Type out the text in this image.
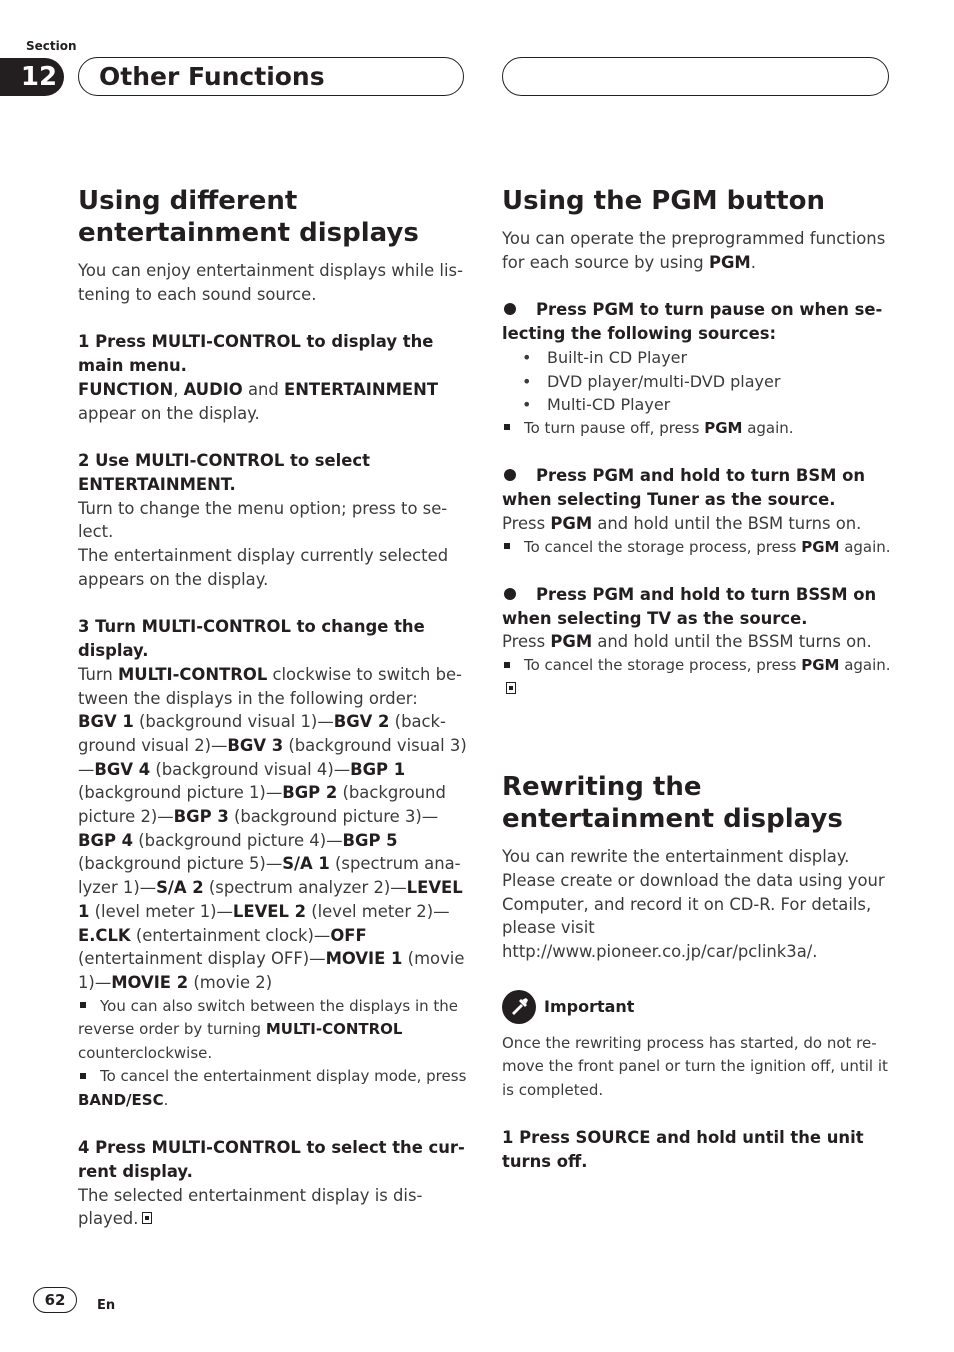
Section
12	Other Functions
Using different entertainment displays

You can enjoy entertainment displays while lis-tening to each sound source.

1 Press MULTI-CONTROL to display the main menu.

FUNCTION, AUDIO and ENTERTAINMENT
appear on the display.

2 Use MULTI-CONTROL to select ENTERTAINMENT.

Turn to change the menu option; press to se-lect.

The entertainment display currently selected appears on the display.

3 Turn MULTI-CONTROL to change the display.

Turn MULTI-CONTROL clockwise to switch be-tween the displays in the following order:

BGV 1 (background visual 1)—BGV 2 (back-ground visual 2)—BGV 3 (background visual 3)—BGV 4 (background visual 4)—BGP 1 (background picture 1)—BGP 2 (background picture 2)—BGP 3 (background picture 3)—BGP 4 (background picture 4)—BGP 5 (background picture 5)—S/A 1 (spectrum ana-lyzer 1)—S/A 2 (spectrum analyzer 2)—LEVEL 1 (level meter 1)—LEVEL 2 (level meter 2)—E.CLK (entertainment clock)—OFF (entertainment display OFF)—MOVIE 1 (movie 1)—MOVIE 2 (movie 2)

You can also switch between the displays in the reverse order by turning MULTI-CONTROL counterclockwise.

To cancel the entertainment display mode, press BAND/ESC.

4 Press MULTI-CONTROL to select the cur-rent display.

The selected entertainment display is dis-played.

Using the PGM button

You can operate the preprogrammed functions for each source by using PGM.

Press PGM to turn pause on when se-lecting the following sources:

• Built-in CD Player
• DVD player/multi-DVD player
• Multi-CD Player

To turn pause off, press PGM again.

Press PGM and hold to turn BSM on when selecting Tuner as the source.

Press PGM and hold until the BSM turns on.

To cancel the storage process, press PGM again.

Press PGM and hold to turn BSSM on when selecting TV as the source.

Press PGM and hold until the BSSM turns on.

To cancel the storage process, press PGM again.

Rewriting the entertainment displays

You can rewrite the entertainment display. Please create or download the data using your Computer, and record it on CD-R. For details, please visit

http://www.pioneer.co.jp/car/pclink3a/.

Important

Once the rewriting process has started, do not re-move the front panel or turn the ignition off, until it is completed.

1 Press SOURCE and hold until the unit turns off.

62	En
